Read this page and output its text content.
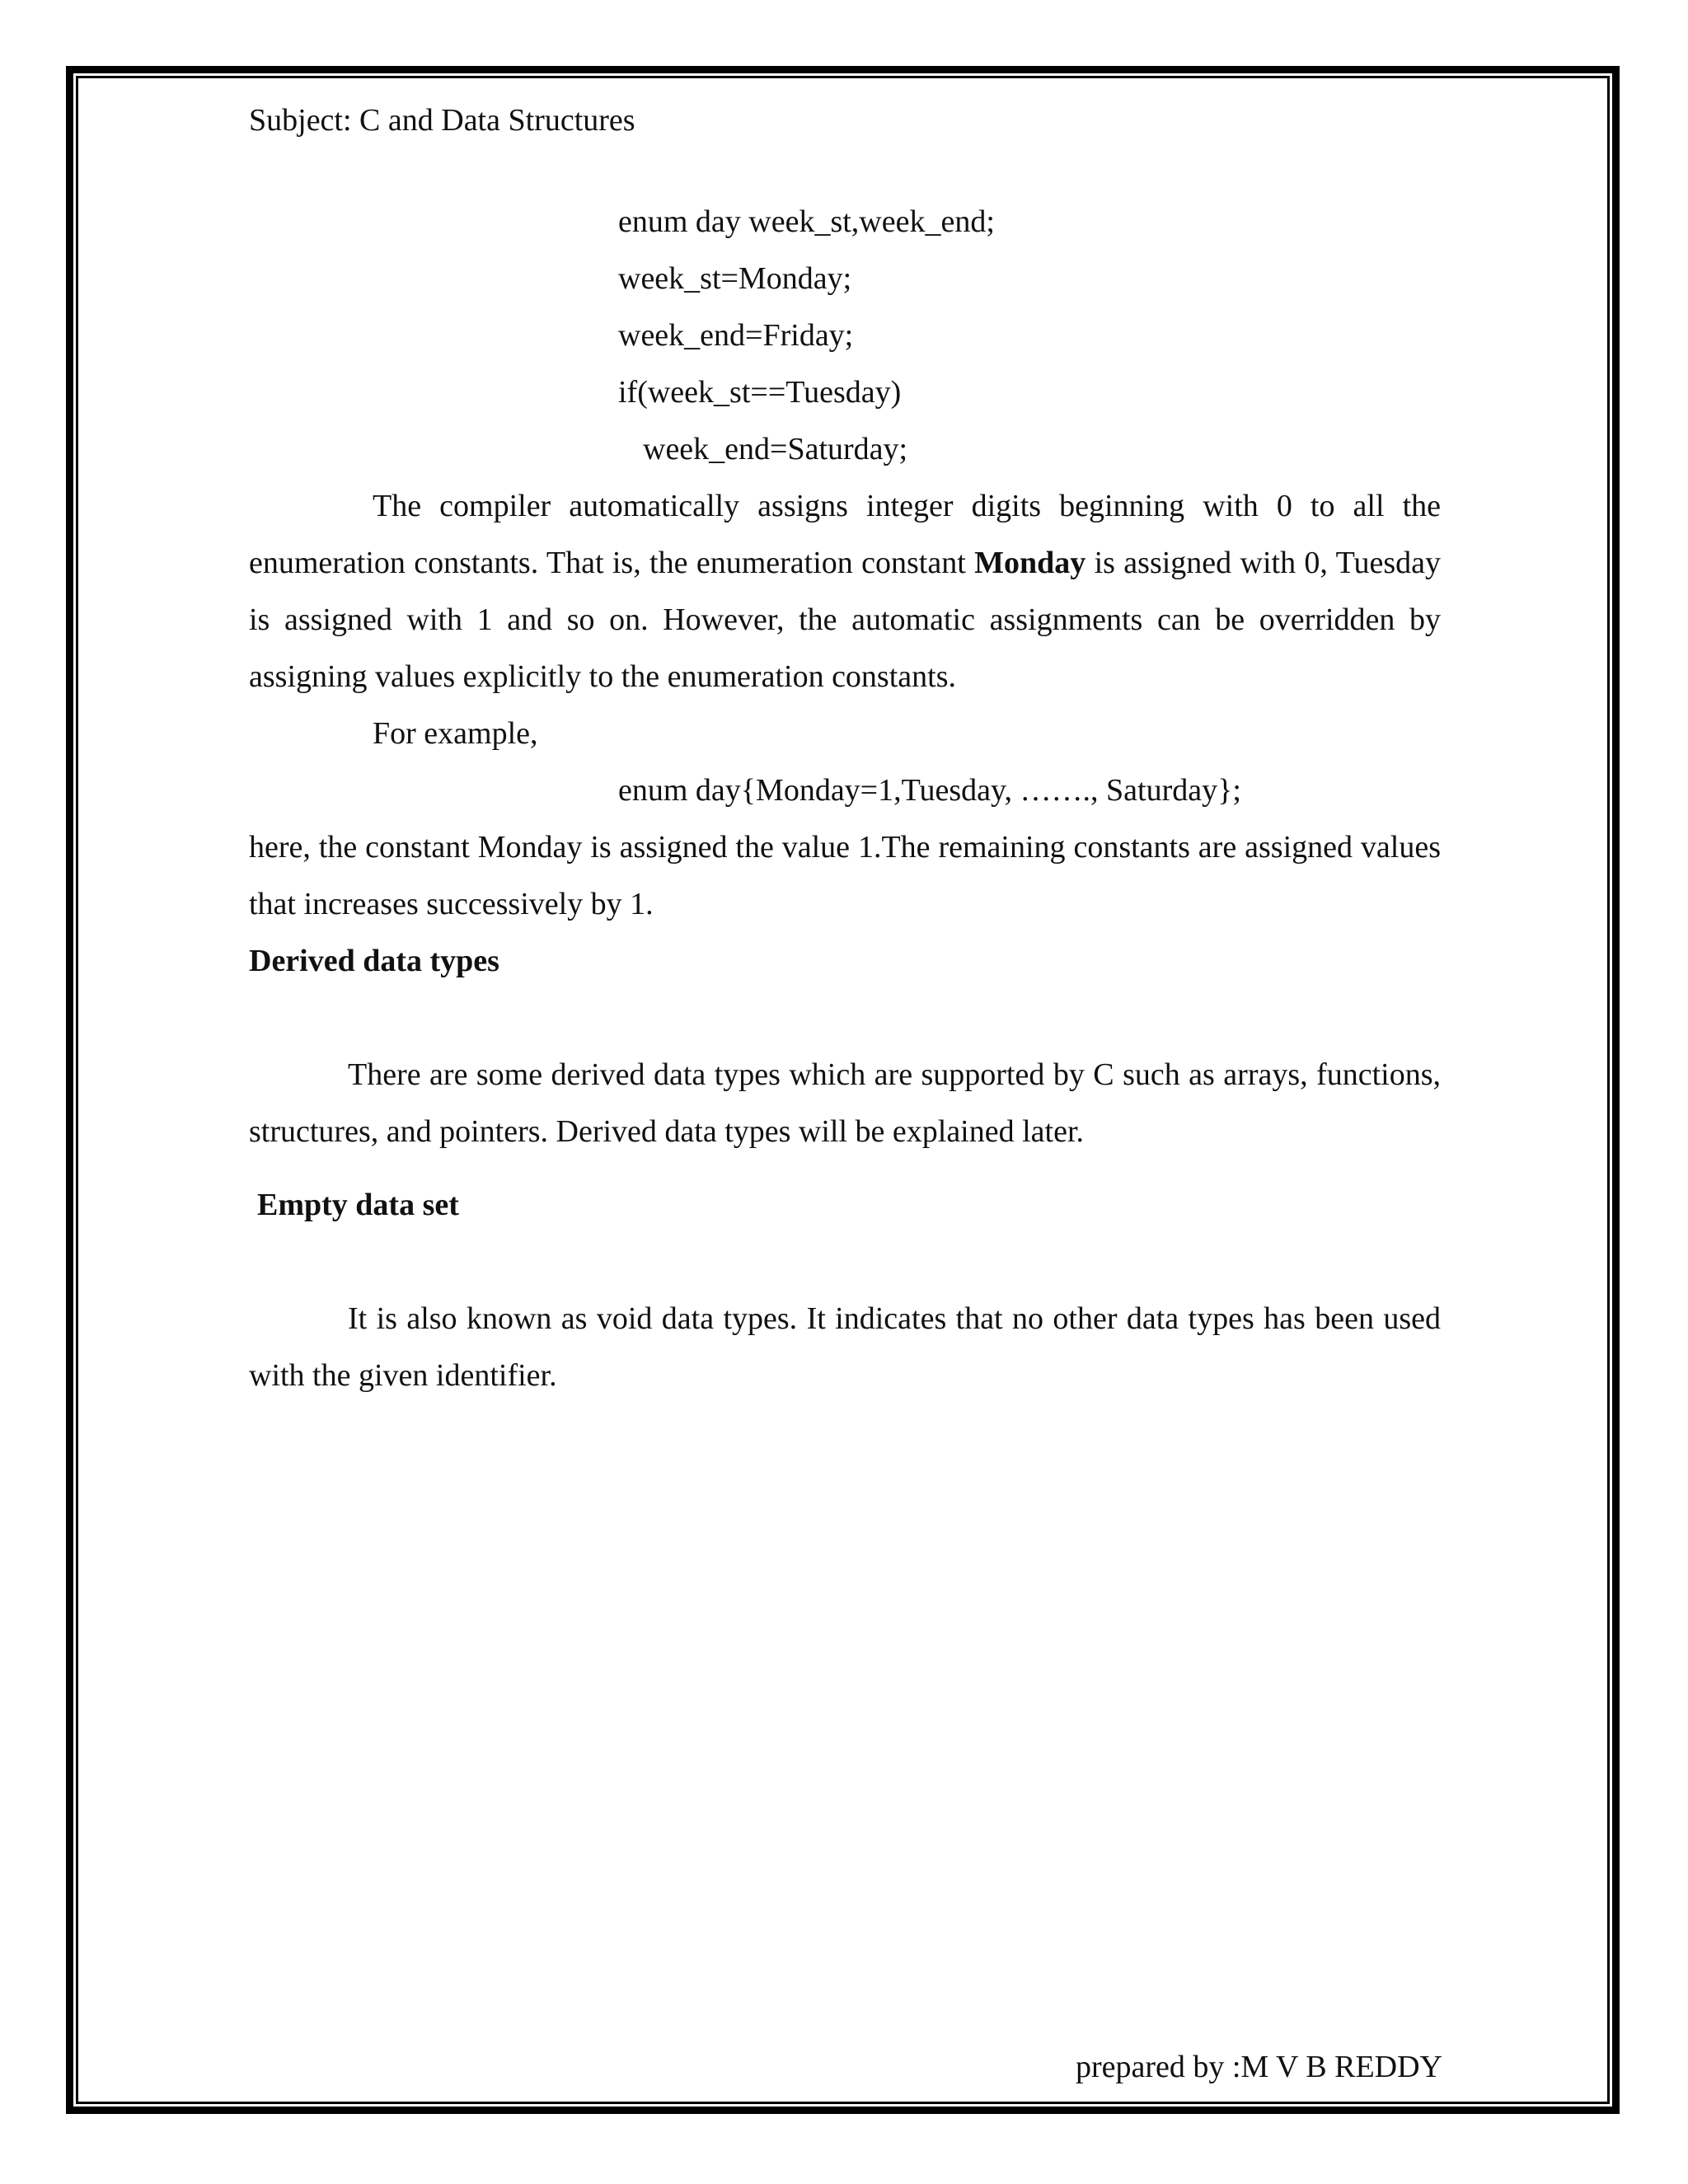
Subject: C and Data Structures
enum day week_st,week_end;
week_st=Monday;
week_end=Friday;
if(week_st==Tuesday)
week_end=Saturday;

The compiler automatically assigns integer digits beginning with 0 to all the enumeration constants. That is, the enumeration constant Monday is assigned with 0, Tuesday is assigned with 1 and so on. However, the automatic assignments can be overridden by assigning values explicitly to the enumeration constants.

For example,
enum day{Monday=1,Tuesday, ……., Saturday};

here, the constant Monday is assigned the value 1.The remaining constants are assigned values that increases successively by 1.

Derived data types

There are some derived data types which are supported by C such as arrays, functions, structures, and pointers. Derived data types will be explained later.

Empty data set

It is also known as void data types. It indicates that no other data types has been used with the given identifier.

prepared by :M V B REDDY
